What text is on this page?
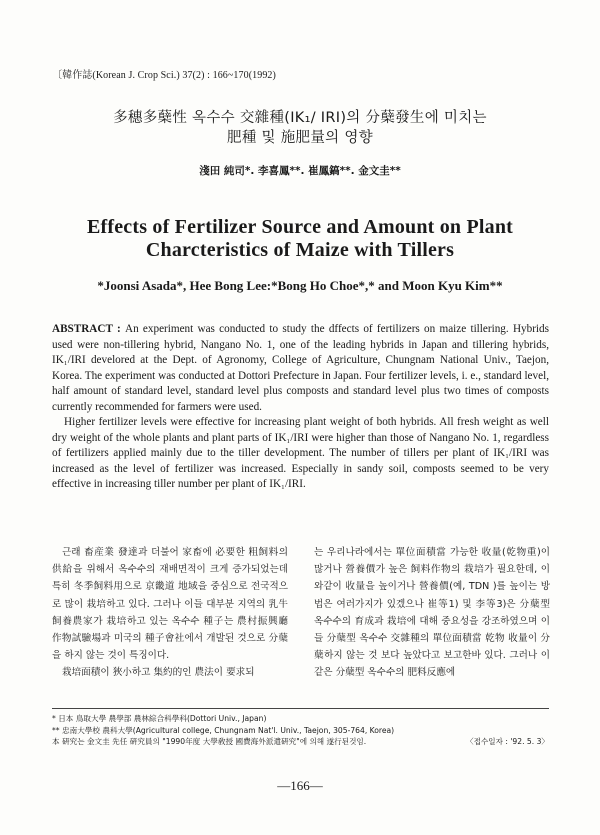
〔韓作誌(Korean J. Crop Sci.) 37(2) : 166~170(1992)
多穗多蘖性 옥수수 交雜種(IK₁/ IRI)의 分蘖發生에 미치는
肥種 및 施肥量의 영향
淺田 純司*. 李喜鳳**. 崔鳳鎬**. 金文圭**
Effects of Fertilizer Source and Amount on Plant
Charcteristics of Maize with Tillers
*Joonsi Asada*, Hee Bong Lee:*Bong Ho Choe*,* and Moon Kyu Kim**

ABSTRACT : An experiment was conducted to study the dffects of fertilizers on maize tillering. Hybrids used were non-tillering hybrid, Nangano No. 1, one of the leading hybrids in Japan and tillering hybrids, IK₁/IRI develored at the Dept. of Agronomy, College of Agriculture, Chungnam National Univ., Taejon, Korea. The experiment was conducted at Dottori Prefecture in Japan. Four fertilizer levels, i. e., standard level, half amount of standard level, standard level plus composts and standard level plus two times of composts currently recommended for farmers were used.

Higher fertilizer levels were effective for increasing plant weight of both hybrids. All fresh weight as well dry weight of the whole plants and plant parts of IK₁/IRI were higher than those of Nangano No. 1, regardless of fertilizers applied mainly due to the tiller development. The number of tillers per plant of IK₁/IRI was increased as the level of fertilizer was increased. Especially in sandy soil, composts seemed to be very effective in increasing tiller number per plant of IK₁/IRI.

근래 畜産業 發達과 더불어 家畜에 必要한 粗飼料의 供給을 위해서 옥수수의 재배면적이 크게 증가되었는데 특히 冬季飼料用으로 京畿道 地域을 중심으로 전국적으로 많이 栽培하고 있다. 그러나 이들 대부분 지역의 乳牛 飼養農家가 栽培하고 있는 옥수수 種子는 農村振興廳 作物試驗場과 미국의 種子會社에서 개발된 것으로 分蘖을 하지 않는 것이 특징이다.

栽培面積이 狹小하고 集約的인 農法이 要求되

는 우리나라에서는 單位面積當 가능한 收量(乾物重)이 많거나 營養價가 높은 飼料作物의 栽培가 필요한데, 이와같이 收量을 높이거나 營養價(예, TDN )를 높이는 방법은 여러가지가 있겠으나 崔等1) 및 李等3)은 分蘖型 옥수수의 育成과 栽培에 대해 중요성을 강조하였으며 이들 分蘖型 옥수수 交雜種의 單位面積當 乾物 收量이 分蘖하지 않는 것 보다 높았다고 보고한바 있다. 그러나 이같은 分蘖型 옥수수의 肥料反應에

* 日本 鳥取大學 農學部 農林綜合科學科(Dottori Univ., Japan)
** 忠南大學校 農科大學(Agricultural college, Chungnam Nat'l. Univ., Taejon, 305-764, Korea)
本 硏究는 金文圭 先任 硏究員의 "1990年度 大學敎授 國費海外派遣硏究"에 의해 遂行된것임.	〈접수일자 : '92. 5. 3〉
—166—
